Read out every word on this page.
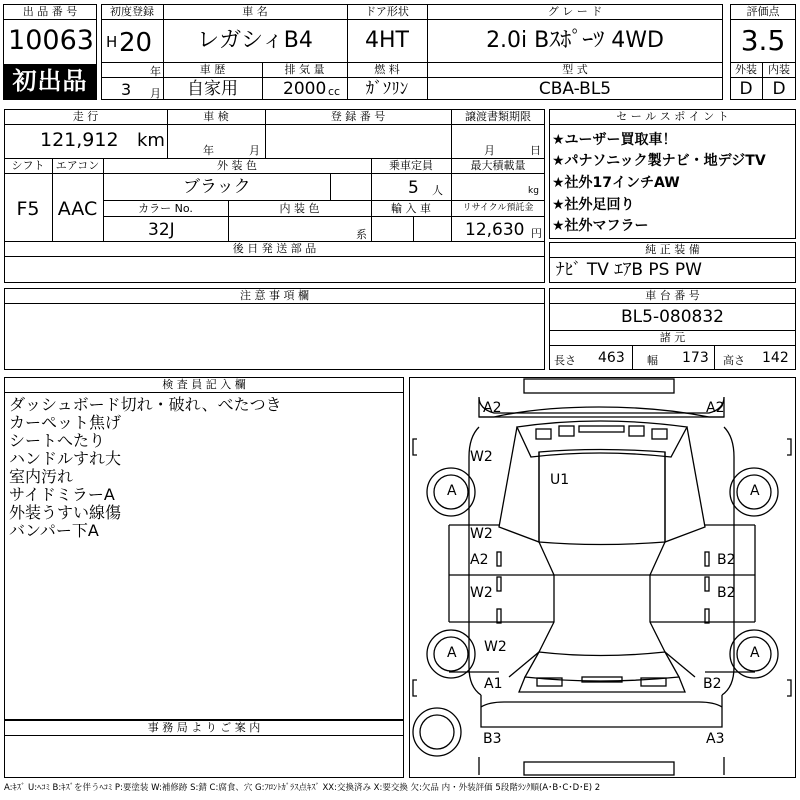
出 品 番 号
10063
初出品
初度登録
H 20
年
3 月
車 名
レガシィB4
ドア形状
4HT
グ レ ー ド
2.0i Bｽﾎﾟｰﾂ 4WD
車 歴
自家用
排 気 量
2000 cc
燃 料
ｶﾞｿﾘﾝ
型 式
CBA-BL5
評価点
3.5
外装	内装
D	D
走 行
121,912 km
車 検
年	月
登 録 番 号	譲渡書類期限
月	日
シフト
F5
エアコン
AAC
外 装 色
ブラック
乗車定員
5 人
最大積載量
kg
カラー No.
32J
内 装 色
系
輸 入 車	リサイクル預託金
12,630 円
後 日 発 送 部 品
セ ー ル ス ポ イ ン ト
★ユーザー買取車！
★パナソニック製ナビ・地デジTV
★社外17インチAW
★社外足回り
★社外マフラー
純 正 装 備
ﾅﾋﾞ TV ｴｱB PS PW
注 意 事 項 欄	車 台 番 号
BL5-080832
諸 元
長さ 463 幅 173 高さ 142
検 査 員 記 入 欄
ダッシュボード切れ・破れ、べたつき
カーペット焦げ
シートへたり
ハンドルすれ大
室内汚れ
サイドミラーA
外装うすい線傷
バンパー下A
事 務 局 よ り ご 案 内
A2	A2
U1
A	A
W2
W2
A2
W2
W2
B2
B2
A	A
A1	B2
B3	A3
A:ｷｽﾞ U:ﾍｺﾐ B:ｷｽﾞを伴うﾍｺﾐ P:要塗装 W:補修跡 S:錆 C:腐食、穴 G:ﾌﾛﾝﾄｶﾞﾗｽ点ｷｽﾞ XX:交換済み X:要交換 欠:欠品 内・外装評価 5段階ﾗﾝｸ順(A･B･C･D･E) 2
